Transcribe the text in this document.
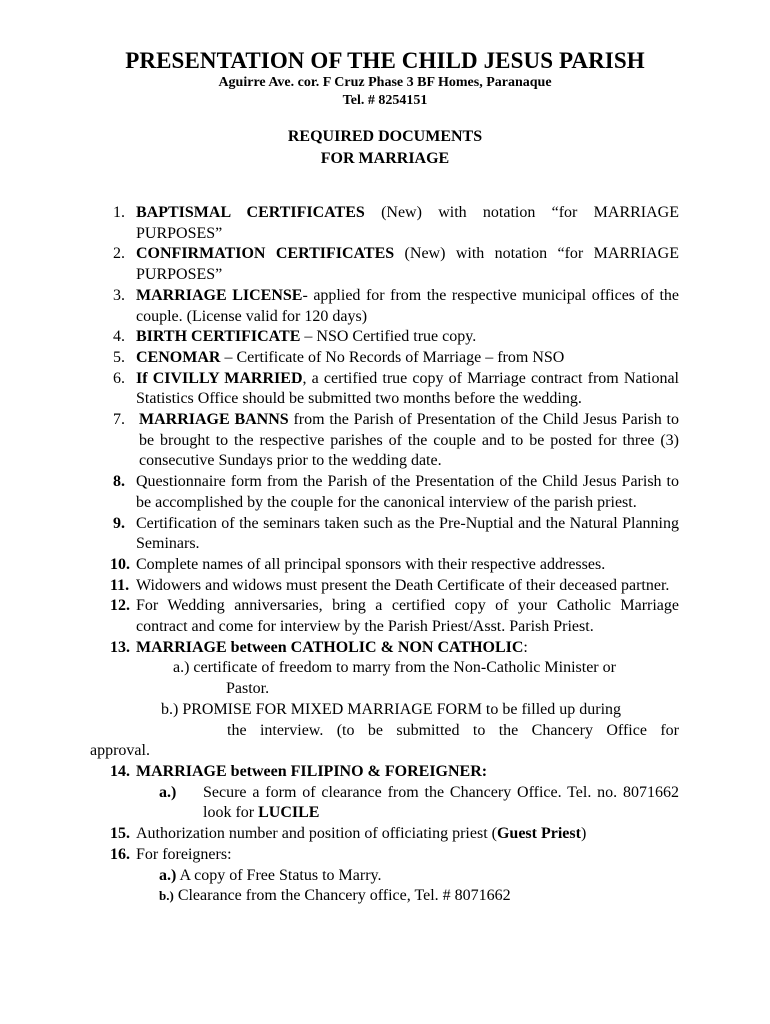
PRESENTATION OF THE CHILD JESUS PARISH
Aguirre Ave. cor. F Cruz Phase 3 BF Homes, Paranaque
Tel. # 8254151
REQUIRED DOCUMENTS
FOR MARRIAGE
1. BAPTISMAL CERTIFICATES (New) with notation “for MARRIAGE PURPOSES”
2. CONFIRMATION CERTIFICATES (New) with notation “for MARRIAGE PURPOSES”
3. MARRIAGE LICENSE- applied for from the respective municipal offices of the couple. (License valid for 120 days)
4. BIRTH CERTIFICATE – NSO Certified true copy.
5. CENOMAR – Certificate of No Records of Marriage – from NSO
6. If CIVILLY MARRIED, a certified true copy of Marriage contract from National Statistics Office should be submitted two months before the wedding.
7. MARRIAGE BANNS from the Parish of Presentation of the Child Jesus Parish to be brought to the respective parishes of the couple and to be posted for three (3) consecutive Sundays prior to the wedding date.
8. Questionnaire form from the Parish of the Presentation of the Child Jesus Parish to be accomplished by the couple for the canonical interview of the parish priest.
9. Certification of the seminars taken such as the Pre-Nuptial and the Natural Planning Seminars.
10. Complete names of all principal sponsors with their respective addresses.
11. Widowers and widows must present the Death Certificate of their deceased partner.
12. For Wedding anniversaries, bring a certified copy of your Catholic Marriage contract and come for interview by the Parish Priest/Asst. Parish Priest.
13. MARRIAGE between CATHOLIC & NON CATHOLIC:
a.) certificate of freedom to marry from the Non-Catholic Minister or
Pastor.
b.) PROMISE FOR MIXED MARRIAGE FORM to be filled up during
the interview. (to be submitted to the Chancery Office for
approval.
14. MARRIAGE between FILIPINO & FOREIGNER:
a.) Secure a form of clearance from the Chancery Office. Tel. no. 8071662 look for LUCILE
15. Authorization number and position of officiating priest (Guest Priest)
16. For foreigners:
a.) A copy of Free Status to Marry.
b.) Clearance from the Chancery office, Tel. # 8071662
